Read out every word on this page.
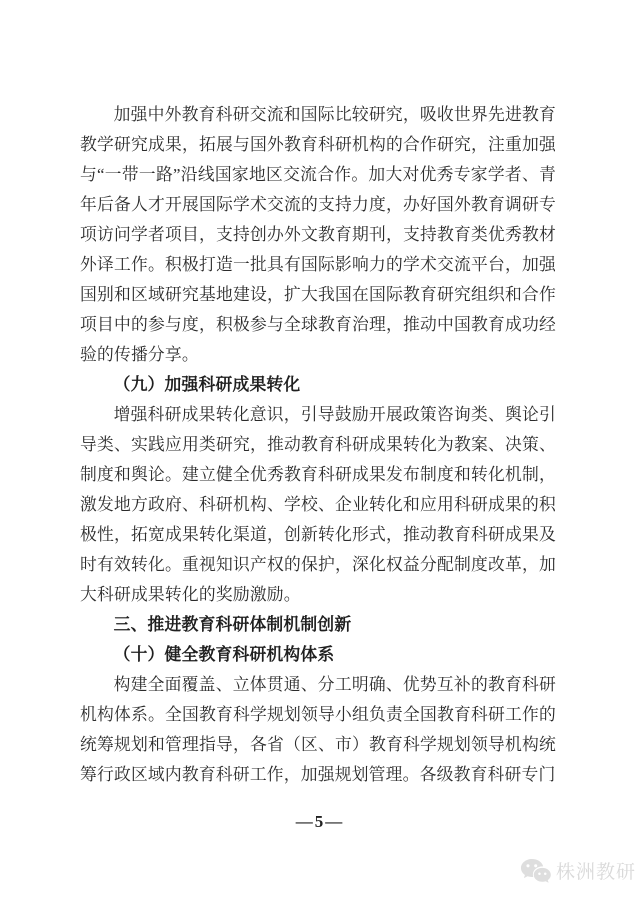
加强中外教育科研交流和国际比较研究，吸收世界先进教育教学研究成果，拓展与国外教育科研机构的合作研究，注重加强与“一带一路”沿线国家地区交流合作。加大对优秀专家学者、青年后备人才开展国际学术交流的支持力度，办好国外教育调研专项访问学者项目，支持创办外文教育期刊，支持教育类优秀教材外译工作。积极打造一批具有国际影响力的学术交流平台，加强国别和区域研究基地建设，扩大我国在国际教育研究组织和合作项目中的参与度，积极参与全球教育治理，推动中国教育成功经验的传播分享。

（九）加强科研成果转化

增强科研成果转化意识，引导鼓励开展政策咨询类、舆论引导类、实践应用类研究，推动教育科研成果转化为教案、决策、制度和舆论。建立健全优秀教育科研成果发布制度和转化机制，激发地方政府、科研机构、学校、企业转化和应用科研成果的积极性，拓宽成果转化渠道，创新转化形式，推动教育科研成果及时有效转化。重视知识产权的保护，深化权益分配制度改革，加大科研成果转化的奖励激励。

三、推进教育科研体制机制创新

（十）健全教育科研机构体系

构建全面覆盖、立体贯通、分工明确、优势互补的教育科研机构体系。全国教育科学规划领导小组负责全国教育科研工作的统筹规划和管理指导，各省（区、市）教育科学规划领导机构统筹行政区域内教育科研工作，加强规划管理。各级教育科研专门

—5—
株洲教研
